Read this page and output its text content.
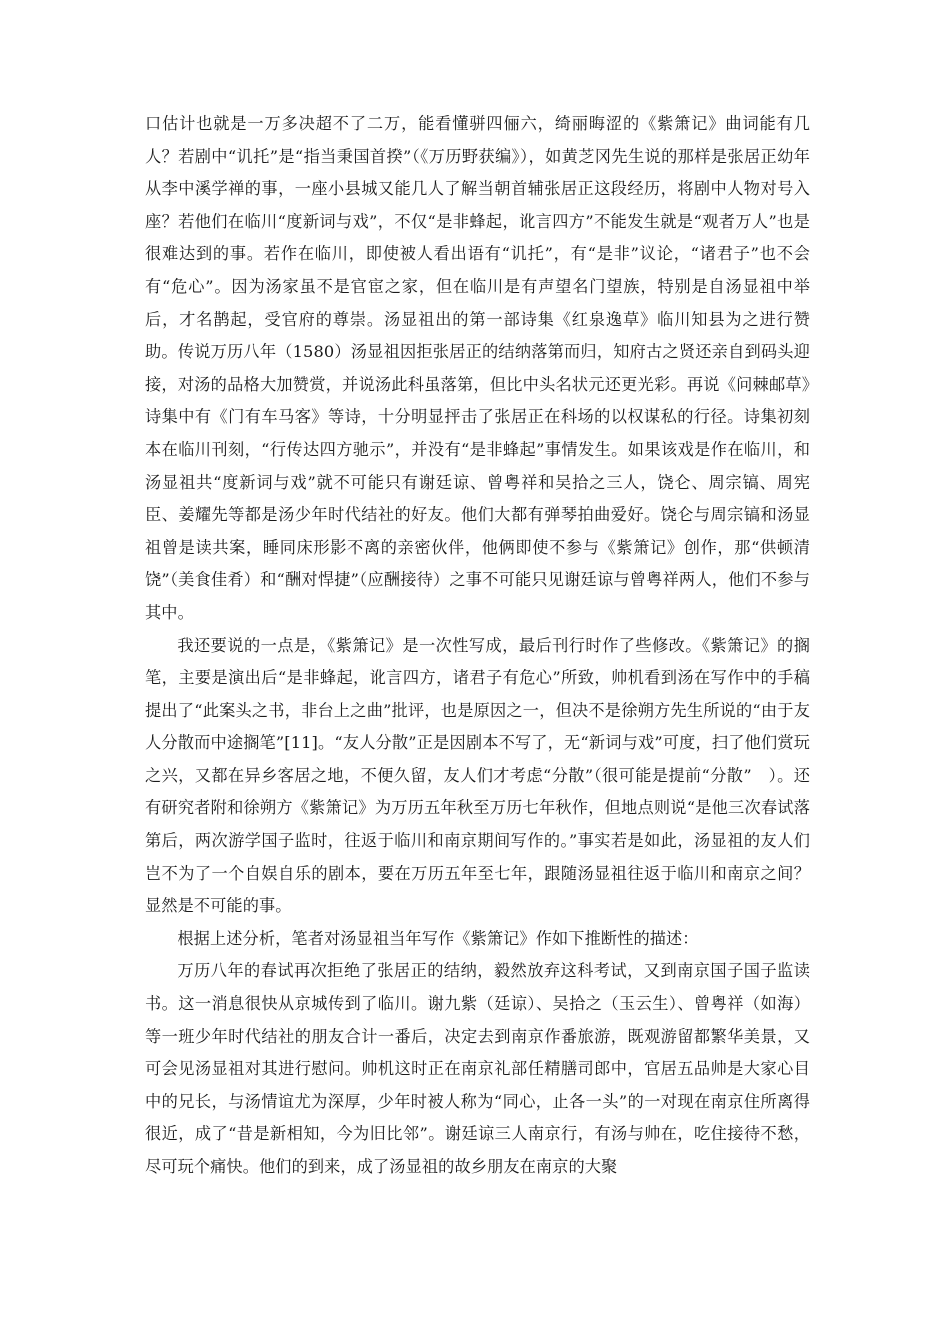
口估计也就是一万多决超不了二万，能看懂骈四俪六，绮丽晦涩的《紫箫记》曲词能有几人？若剧中“讥托”是“指当秉国首揆”（《万历野获编》），如黄芝冈先生说的那样是张居正幼年从李中溪学禅的事，一座小县城又能几人了解当朝首辅张居正这段经历，将剧中人物对号入座？若他们在临川“度新词与戏”，不仅“是非蜂起，讹言四方”不能发生就是“观者万人”也是很难达到的事。若作在临川，即使被人看出语有“讥托”，有“是非”议论，“诸君子”也不会有“危心”。因为汤家虽不是官宦之家，但在临川是有声望名门望族，特别是自汤显祖中举后，才名鹊起，受官府的尊崇。汤显祖出的第一部诗集《红泉逸草》临川知县为之进行赞助。传说万历八年（1580）汤显祖因拒张居正的结纳落第而归，知府古之贤还亲自到码头迎接，对汤的品格大加赞赏，并说汤此科虽落第，但比中头名状元还更光彩。再说《问棘邮草》诗集中有《门有车马客》等诗，十分明显抨击了张居正在科场的以权谋私的行径。诗集初刻本在临川刊刻，“行传达四方驰示”，并没有“是非蜂起”事情发生。如果该戏是作在临川，和汤显祖共“度新词与戏”就不可能只有谢廷谅、曾粤祥和吴拾之三人，饶仑、周宗镐、周宪臣、姜耀先等都是汤少年时代结社的好友。他们大都有弹琴拍曲爱好。饶仑与周宗镐和汤显祖曾是读共案，睡同床形影不离的亲密伙伴，他俩即使不参与《紫箫记》创作，那“供顿清饶”（美食佳肴）和“酬对悍捷”（应酬接待）之事不可能只见谢廷谅与曾粤祥两人，他们不参与其中。

我还要说的一点是，《紫箫记》是一次性写成，最后刊行时作了些修改。《紫箫记》的搁笔，主要是演出后“是非蜂起，讹言四方，诸君子有危心”所致，帅机看到汤在写作中的手稿提出了“此案头之书，非台上之曲”批评，也是原因之一，但决不是徐朔方先生所说的“由于友人分散而中途搁笔”[11]。“友人分散”正是因剧本不写了，无“新词与戏”可度，扫了他们赏玩之兴，又都在异乡客居之地，不便久留，友人们才考虑“分散”（很可能是提前“分散”　）。还有研究者附和徐朔方《紫箫记》为万历五年秋至万历七年秋作，但地点则说“是他三次春试落第后，两次游学国子监时，往返于临川和南京期间写作的。”事实若是如此，汤显祖的友人们岂不为了一个自娱自乐的剧本，要在万历五年至七年，跟随汤显祖往返于临川和南京之间？显然是不可能的事。

根据上述分析，笔者对汤显祖当年写作《紫箫记》作如下推断性的描述：

万历八年的春试再次拒绝了张居正的结纳，毅然放弃这科考试，又到南京国子国子监读书。这一消息很快从京城传到了临川。谢九紫（廷谅）、吴拾之（玉云生）、曾粤祥（如海）等一班少年时代结社的朋友合计一番后，决定去到南京作番旅游，既观游留都繁华美景，又可会见汤显祖对其进行慰问。帅机这时正在南京礼部任精膳司郎中，官居五品帅是大家心目中的兄长，与汤情谊尤为深厚，少年时被人称为“同心，止各一头”的一对现在南京住所离得很近，成了“昔是新相知，今为旧比邻”。谢廷谅三人南京行，有汤与帅在，吃住接待不愁，尽可玩个痛快。他们的到来，成了汤显祖的故乡朋友在南京的大聚
